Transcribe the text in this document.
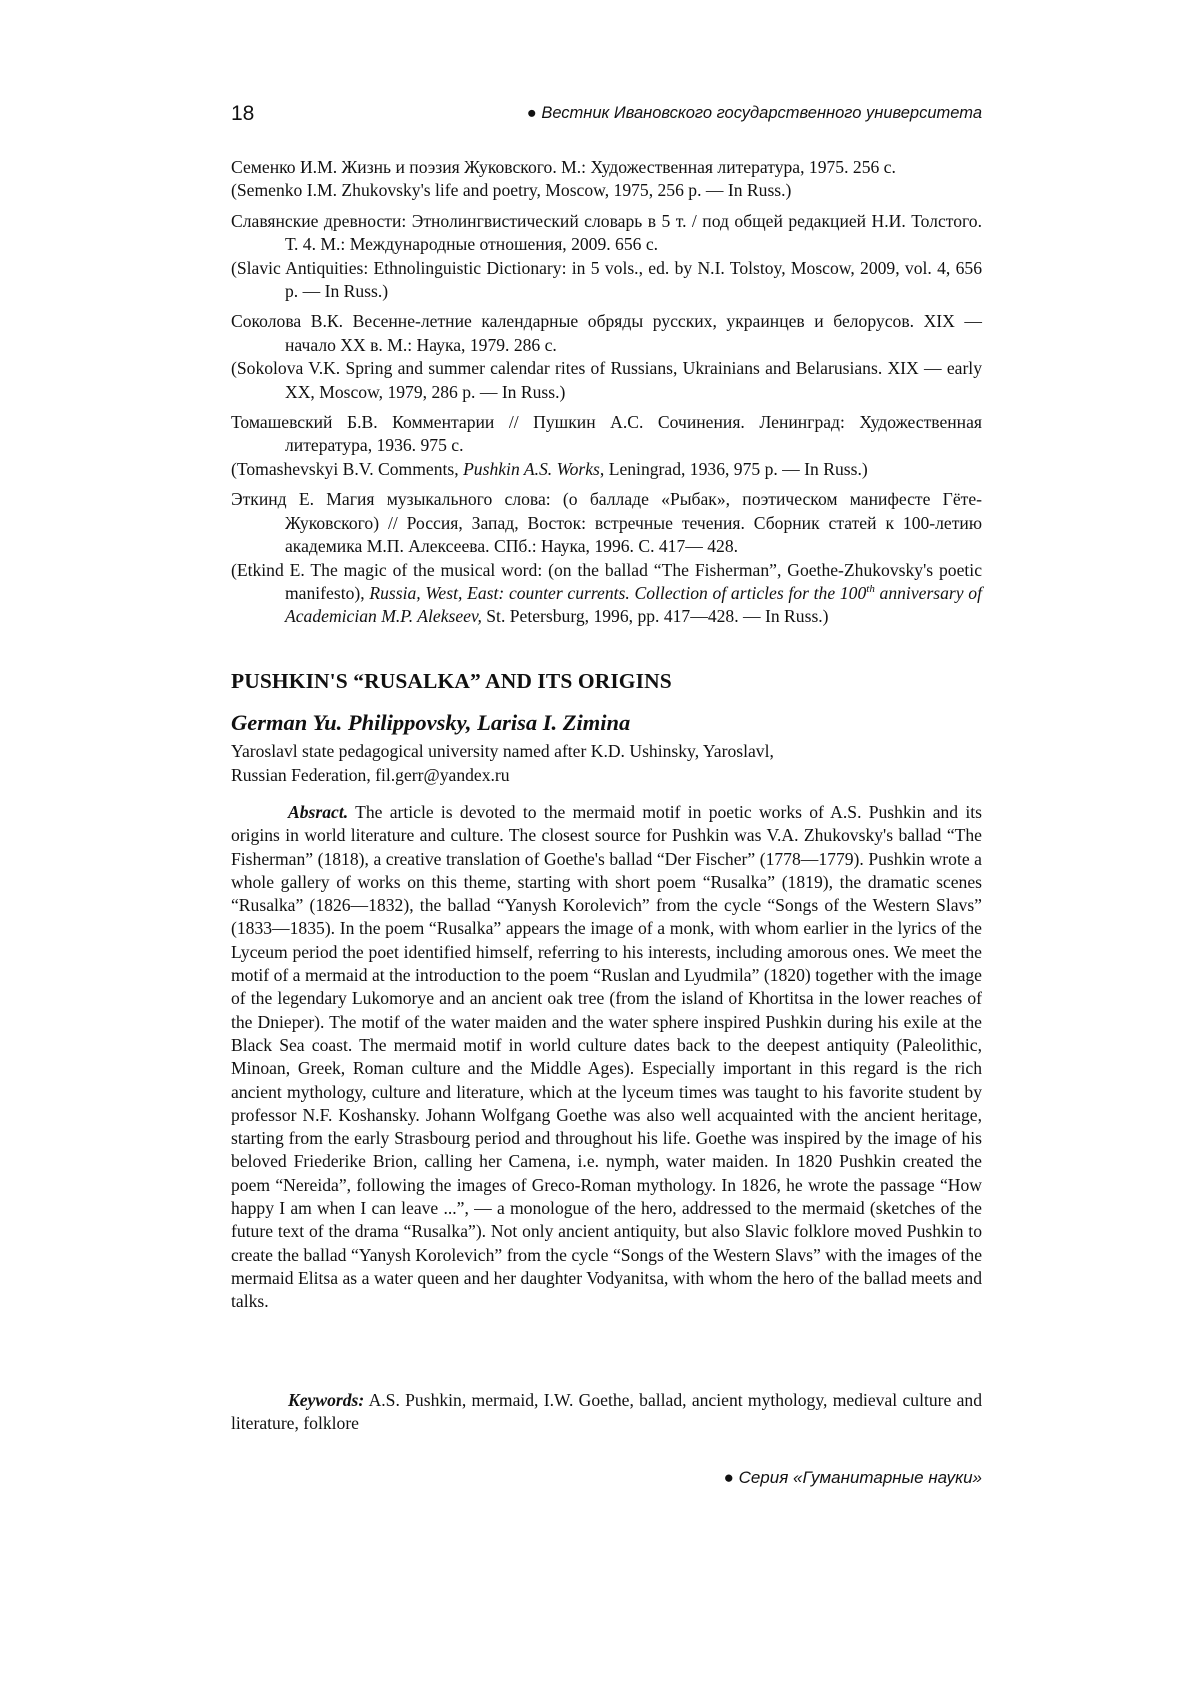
18	● Вестник Ивановского государственного университета

Семенко И.М. Жизнь и поэзия Жуковского. М.: Художественная литература, 1975. 256 с.

(Semenko I.M. Zhukovsky's life and poetry, Moscow, 1975, 256 p. — In Russ.)

Славянские древности: Этнолингвистический словарь в 5 т. / под общей редакцией Н.И. Толстого. Т. 4. М.: Международные отношения, 2009. 656 с.

(Slavic Antiquities: Ethnolinguistic Dictionary: in 5 vols., ed. by N.I. Tolstoy, Moscow, 2009, vol. 4, 656 p. — In Russ.)

Соколова В.К. Весенне-летние календарные обряды русских, украинцев и белорусов. XIX — начало XX в. М.: Наука, 1979. 286 с.

(Sokolova V.K. Spring and summer calendar rites of Russians, Ukrainians and Belarusians. XIX — early XX, Moscow, 1979, 286 p. — In Russ.)

Томашевский Б.В. Комментарии // Пушкин А.С. Сочинения. Ленинград: Художественная литература, 1936. 975 с.

(Tomashevskyi B.V. Comments, Pushkin A.S. Works, Leningrad, 1936, 975 p. — In Russ.)

Эткинд Е. Магия музыкального слова: (о балладе «Рыбак», поэтическом манифесте Гёте-Жуковского) // Россия, Запад, Восток: встречные течения. Сборник статей к 100-летию академика М.П. Алексеева. СПб.: Наука, 1996. С. 417— 428.

(Etkind E. The magic of the musical word: (on the ballad “The Fisherman”, Goethe-Zhukovsky's poetic manifesto), Russia, West, East: counter currents. Collection of articles for the 100th anniversary of Academician M.P. Alekseev, St. Petersburg, 1996, pp. 417—428. — In Russ.)

PUSHKIN'S “RUSALKA” AND ITS ORIGINS
German Yu. Philippovsky, Larisa I. Zimina
Yaroslavl state pedagogical university named after K.D. Ushinsky, Yaroslavl,
Russian Federation, fil.gerr@yandex.ru

Absract. The article is devoted to the mermaid motif in poetic works of A.S. Pushkin and its origins in world literature and culture. The closest source for Pushkin was V.A. Zhukovsky's ballad “The Fisherman” (1818), a creative translation of Goethe's ballad “Der Fischer” (1778—1779). Pushkin wrote a whole gallery of works on this theme, starting with short poem “Rusalka” (1819), the dramatic scenes “Rusalka” (1826—1832), the ballad “Yanysh Korolevich” from the cycle “Songs of the Western Slavs” (1833—1835). In the poem “Rusalka” appears the image of a monk, with whom earlier in the lyrics of the Lyceum period the poet identified himself, referring to his interests, including amorous ones. We meet the motif of a mermaid at the introduction to the poem “Ruslan and Lyudmila” (1820) together with the image of the legendary Lukomorye and an ancient oak tree (from the island of Khortitsa in the lower reaches of the Dnieper). The motif of the water maiden and the water sphere inspired Pushkin during his exile at the Black Sea coast. The mermaid motif in world culture dates back to the deepest antiquity (Paleolithic, Minoan, Greek, Roman culture and the Middle Ages). Especially important in this regard is the rich ancient mythology, culture and literature, which at the lyceum times was taught to his favorite student by professor N.F. Koshansky. Johann Wolfgang Goethe was also well acquainted with the ancient heritage, starting from the early Strasbourg period and throughout his life. Goethe was inspired by the image of his beloved Friederike Brion, calling her Camena, i.e. nymph, water maiden. In 1820 Pushkin created the poem “Nereida”, following the images of Greco-Roman mythology. In 1826, he wrote the passage “How happy I am when I can leave ...”, — a monologue of the hero, addressed to the mermaid (sketches of the future text of the drama “Rusalka”). Not only ancient antiquity, but also Slavic folklore moved Pushkin to create the ballad “Yanysh Korolevich” from the cycle “Songs of the Western Slavs” with the images of the mermaid Elitsa as a water queen and her daughter Vodyanitsa, with whom the hero of the ballad meets and talks.

Keywords: A.S. Pushkin, mermaid, I.W. Goethe, ballad, ancient mythology, medieval culture and literature, folklore

● Серия «Гуманитарные науки»
